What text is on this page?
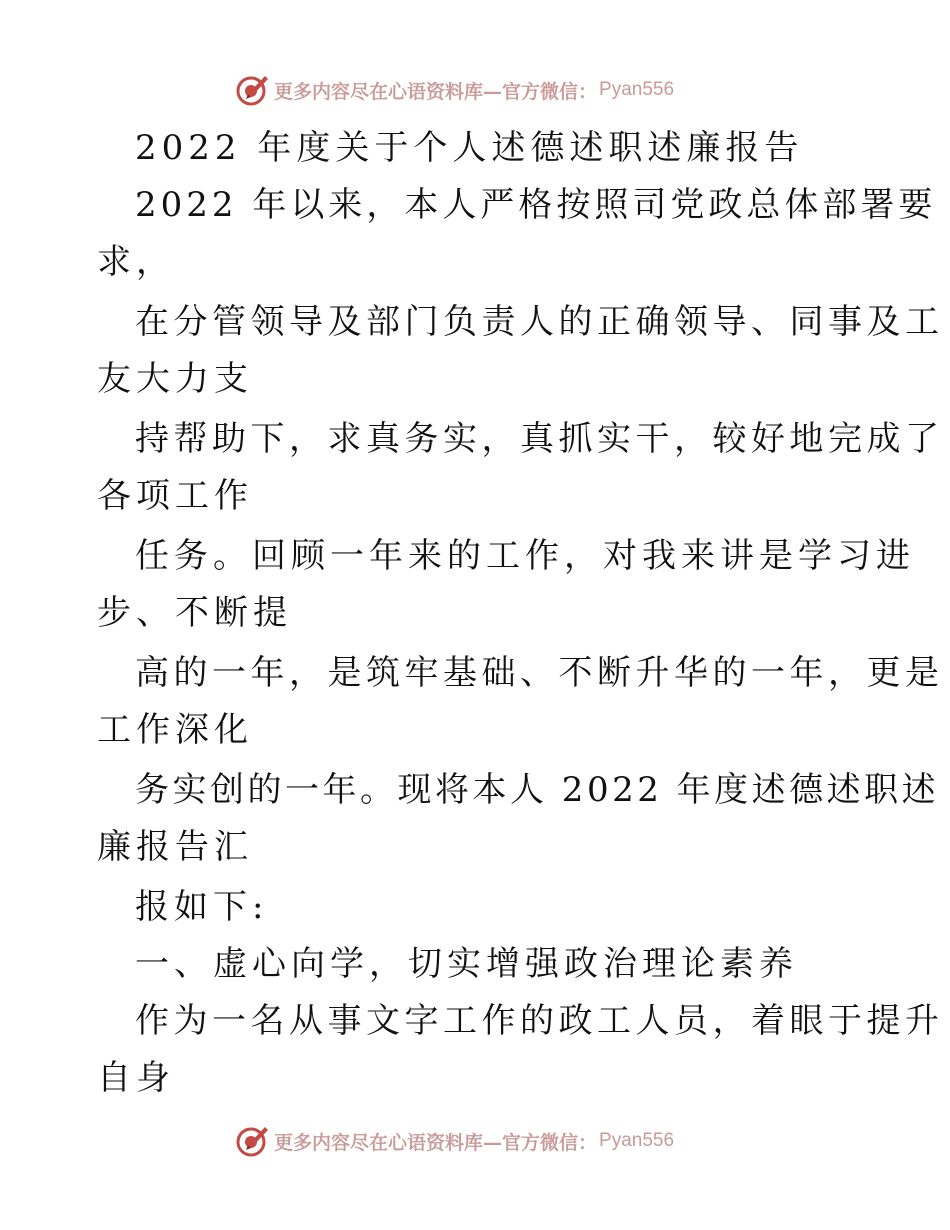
更多内容尽在心语资料库—官方微信： Pyan556

2022 年度关于个人述德述职述廉报告

2022 年以来，本人严格按照司党政总体部署要

求，

在分管领导及部门负责人的正确领导、同事及工

友大力支

持帮助下，求真务实，真抓实干，较好地完成了

各项工作

任务。回顾一年来的工作，对我来讲是学习进

步、不断提

高的一年，是筑牢基础、不断升华的一年，更是

工作深化

务实创的一年。现将本人 2022 年度述德述职述

廉报告汇

报如下:

一、虚心向学，切实增强政治理论素养

作为一名从事文字工作的政工人员，着眼于提升

自身

更多内容尽在心语资料库—官方微信： Pyan556
